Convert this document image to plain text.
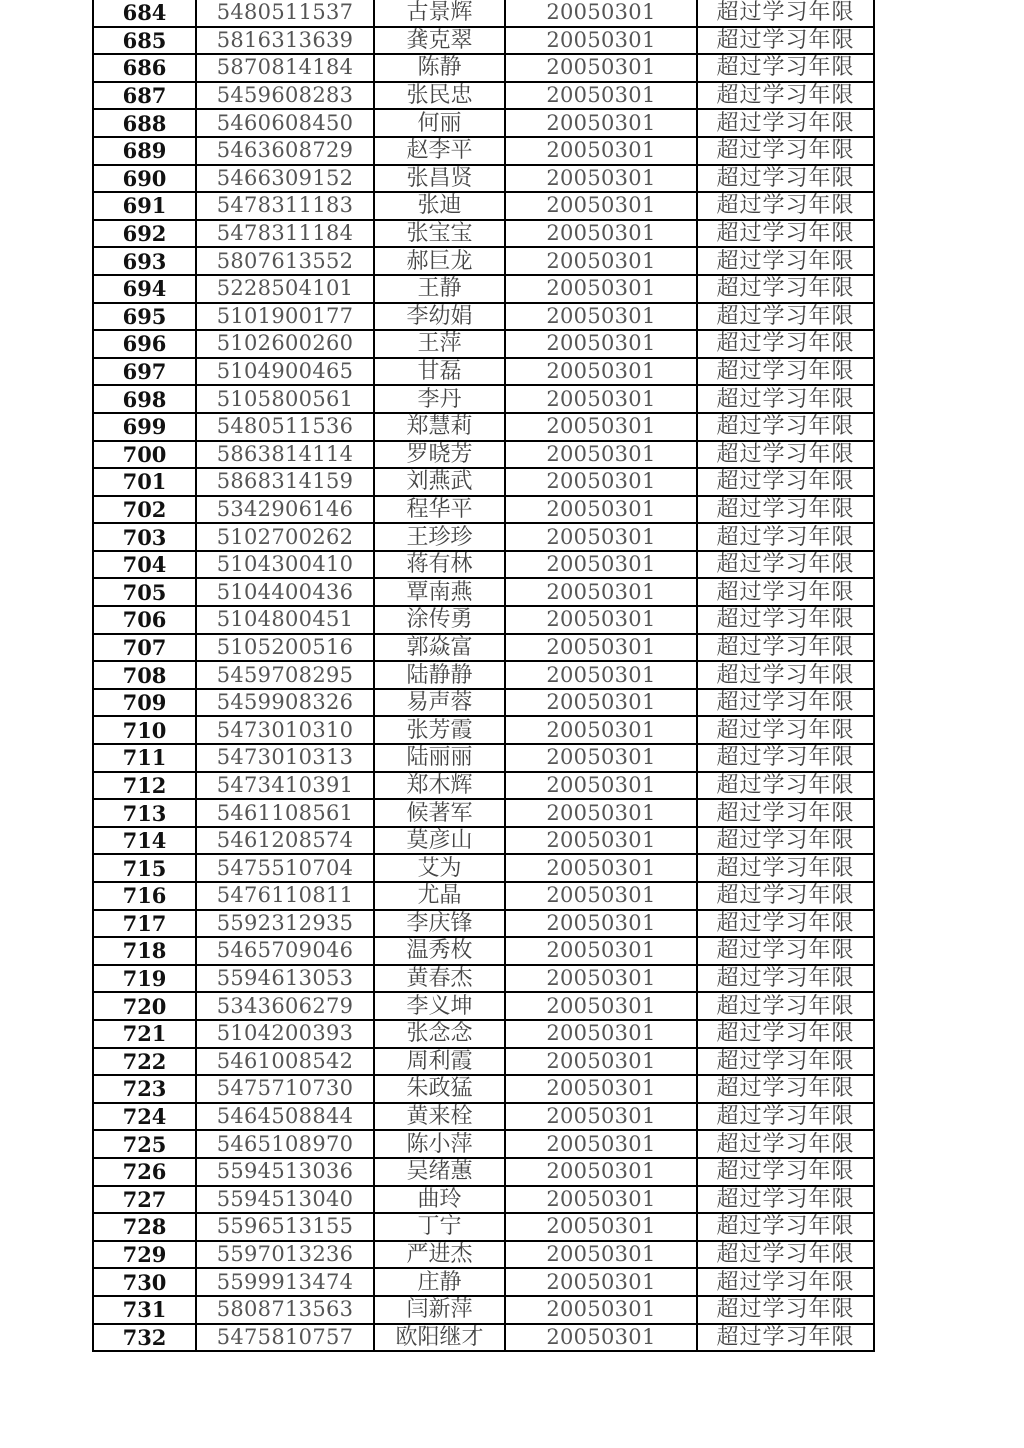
684	5480511537	古景辉	20050301	超过学习年限
685	5816313639	龚克翠	20050301	超过学习年限
686	5870814184	陈静	20050301	超过学习年限
687	5459608283	张民忠	20050301	超过学习年限
688	5460608450	何丽	20050301	超过学习年限
689	5463608729	赵李平	20050301	超过学习年限
690	5466309152	张昌贤	20050301	超过学习年限
691	5478311183	张迪	20050301	超过学习年限
692	5478311184	张宝宝	20050301	超过学习年限
693	5807613552	郝巨龙	20050301	超过学习年限
694	5228504101	王静	20050301	超过学习年限
695	5101900177	李幼娟	20050301	超过学习年限
696	5102600260	王萍	20050301	超过学习年限
697	5104900465	甘磊	20050301	超过学习年限
698	5105800561	李丹	20050301	超过学习年限
699	5480511536	郑慧莉	20050301	超过学习年限
700	5863814114	罗晓芳	20050301	超过学习年限
701	5868314159	刘燕武	20050301	超过学习年限
702	5342906146	程华平	20050301	超过学习年限
703	5102700262	王珍珍	20050301	超过学习年限
704	5104300410	蒋有林	20050301	超过学习年限
705	5104400436	覃南燕	20050301	超过学习年限
706	5104800451	涂传勇	20050301	超过学习年限
707	5105200516	郭焱富	20050301	超过学习年限
708	5459708295	陆静静	20050301	超过学习年限
709	5459908326	易声蓉	20050301	超过学习年限
710	5473010310	张芳霞	20050301	超过学习年限
711	5473010313	陆丽丽	20050301	超过学习年限
712	5473410391	郑木辉	20050301	超过学习年限
713	5461108561	候著军	20050301	超过学习年限
714	5461208574	莫彦山	20050301	超过学习年限
715	5475510704	艾为	20050301	超过学习年限
716	5476110811	尤晶	20050301	超过学习年限
717	5592312935	李庆锋	20050301	超过学习年限
718	5465709046	温秀枚	20050301	超过学习年限
719	5594613053	黄春杰	20050301	超过学习年限
720	5343606279	李义坤	20050301	超过学习年限
721	5104200393	张念念	20050301	超过学习年限
722	5461008542	周利霞	20050301	超过学习年限
723	5475710730	朱政猛	20050301	超过学习年限
724	5464508844	黄来栓	20050301	超过学习年限
725	5465108970	陈小萍	20050301	超过学习年限
726	5594513036	吴绪蕙	20050301	超过学习年限
727	5594513040	曲玲	20050301	超过学习年限
728	5596513155	丁宁	20050301	超过学习年限
729	5597013236	严进杰	20050301	超过学习年限
730	5599913474	庄静	20050301	超过学习年限
731	5808713563	闫新萍	20050301	超过学习年限
732	5475810757	欧阳继才	20050301	超过学习年限
